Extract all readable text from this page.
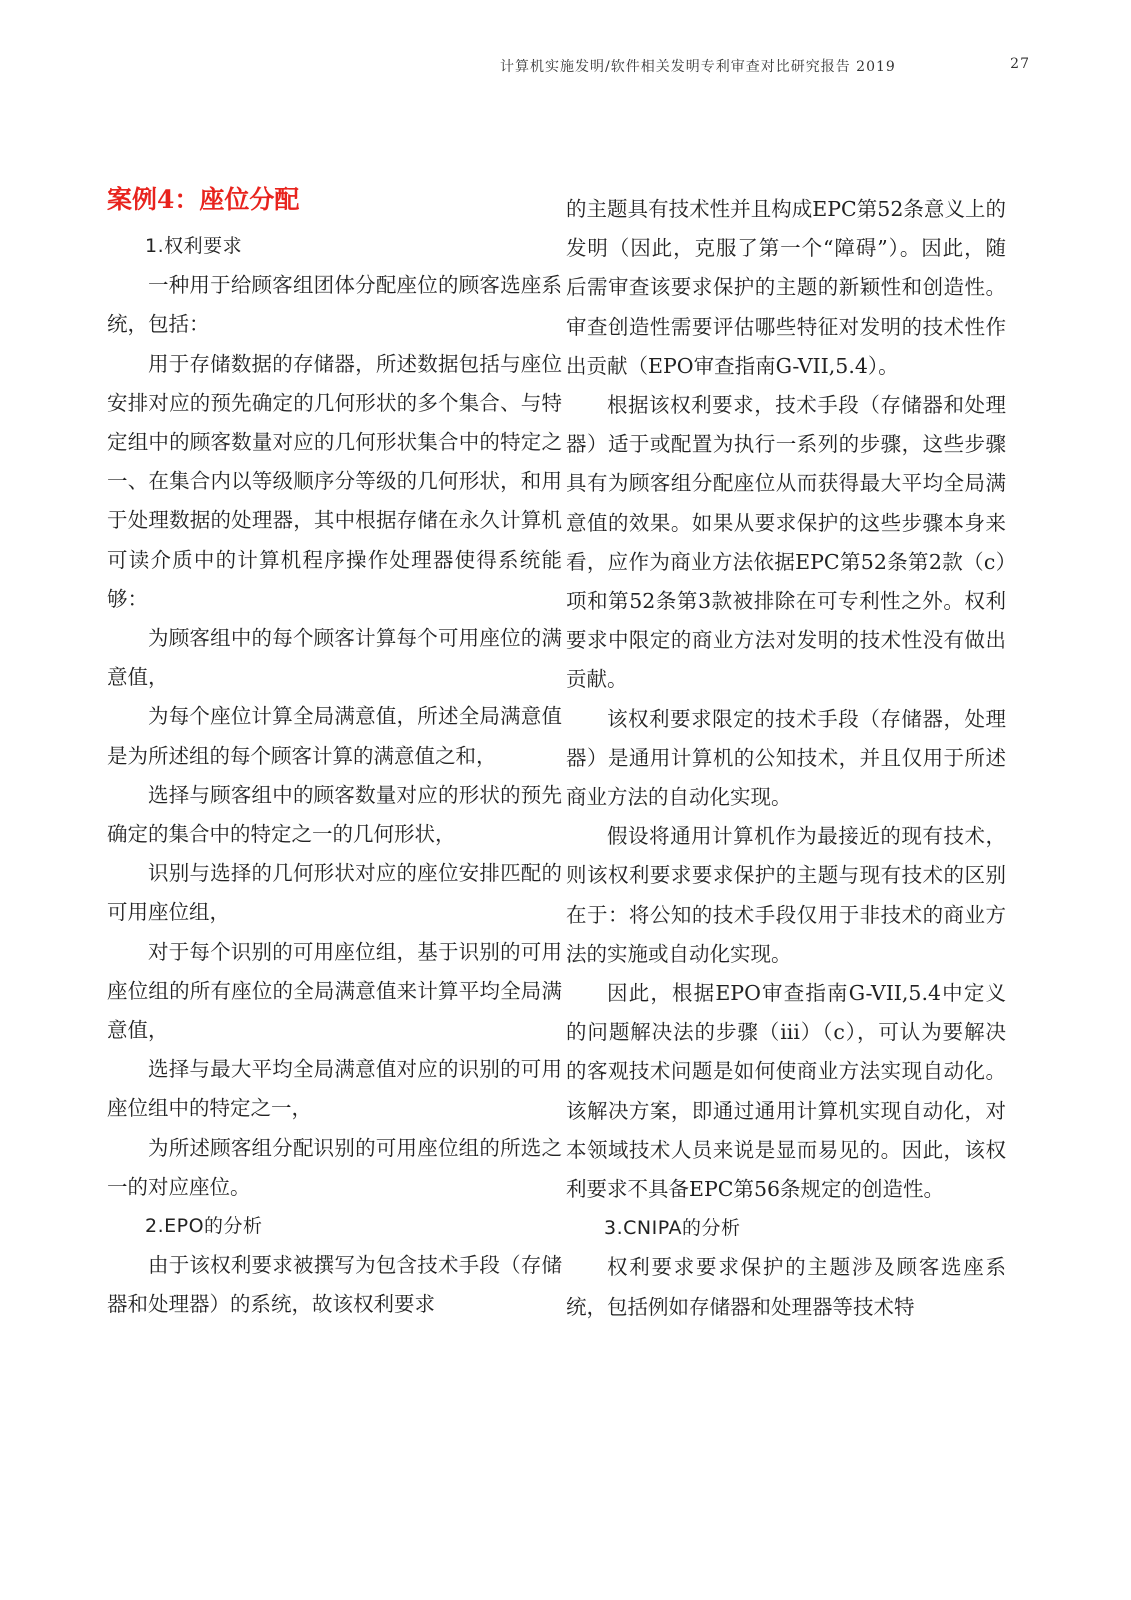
计算机实施发明/软件相关发明专利审查对比研究报告 2019	27
案例4：座位分配
1.权利要求

一种用于给顾客组团体分配座位的顾客选座系统，包括：

用于存储数据的存储器，所述数据包括与座位安排对应的预先确定的几何形状的多个集合、与特定组中的顾客数量对应的几何形状集合中的特定之一、在集合内以等级顺序分等级的几何形状，和用于处理数据的处理器，其中根据存储在永久计算机可读介质中的计算机程序操作处理器使得系统能够：

为顾客组中的每个顾客计算每个可用座位的满意值，

为每个座位计算全局满意值，所述全局满意值是为所述组的每个顾客计算的满意值之和，

选择与顾客组中的顾客数量对应的形状的预先确定的集合中的特定之一的几何形状，

识别与选择的几何形状对应的座位安排匹配的可用座位组，

对于每个识别的可用座位组，基于识别的可用座位组的所有座位的全局满意值来计算平均全局满意值，

选择与最大平均全局满意值对应的识别的可用座位组中的特定之一，

为所述顾客组分配识别的可用座位组的所选之一的对应座位。

2.EPO的分析

由于该权利要求被撰写为包含技术手段（存储器和处理器）的系统，故该权利要求

的主题具有技术性并且构成EPC第52条意义上的发明（因此，克服了第一个“障碍”）。因此，随后需审查该要求保护的主题的新颖性和创造性。审查创造性需要评估哪些特征对发明的技术性作出贡献（EPO审查指南G-VII,5.4）。

根据该权利要求，技术手段（存储器和处理器）适于或配置为执行一系列的步骤，这些步骤具有为顾客组分配座位从而获得最大平均全局满意值的效果。如果从要求保护的这些步骤本身来看，应作为商业方法依据EPC第52条第2款（c）项和第52条第3款被排除在可专利性之外。权利要求中限定的商业方法对发明的技术性没有做出贡献。

该权利要求限定的技术手段（存储器，处理器）是通用计算机的公知技术，并且仅用于所述商业方法的自动化实现。

假设将通用计算机作为最接近的现有技术，则该权利要求要求保护的主题与现有技术的区别在于：将公知的技术手段仅用于非技术的商业方法的实施或自动化实现。

因此，根据EPO审查指南G-VII,5.4中定义的问题解决法的步骤（iii）（c），可认为要解决的客观技术问题是如何使商业方法实现自动化。该解决方案，即通过通用计算机实现自动化，对本领域技术人员来说是显而易见的。因此，该权利要求不具备EPC第56条规定的创造性。

3.CNIPA的分析

权利要求要求保护的主题涉及顾客选座系统，包括例如存储器和处理器等技术特
